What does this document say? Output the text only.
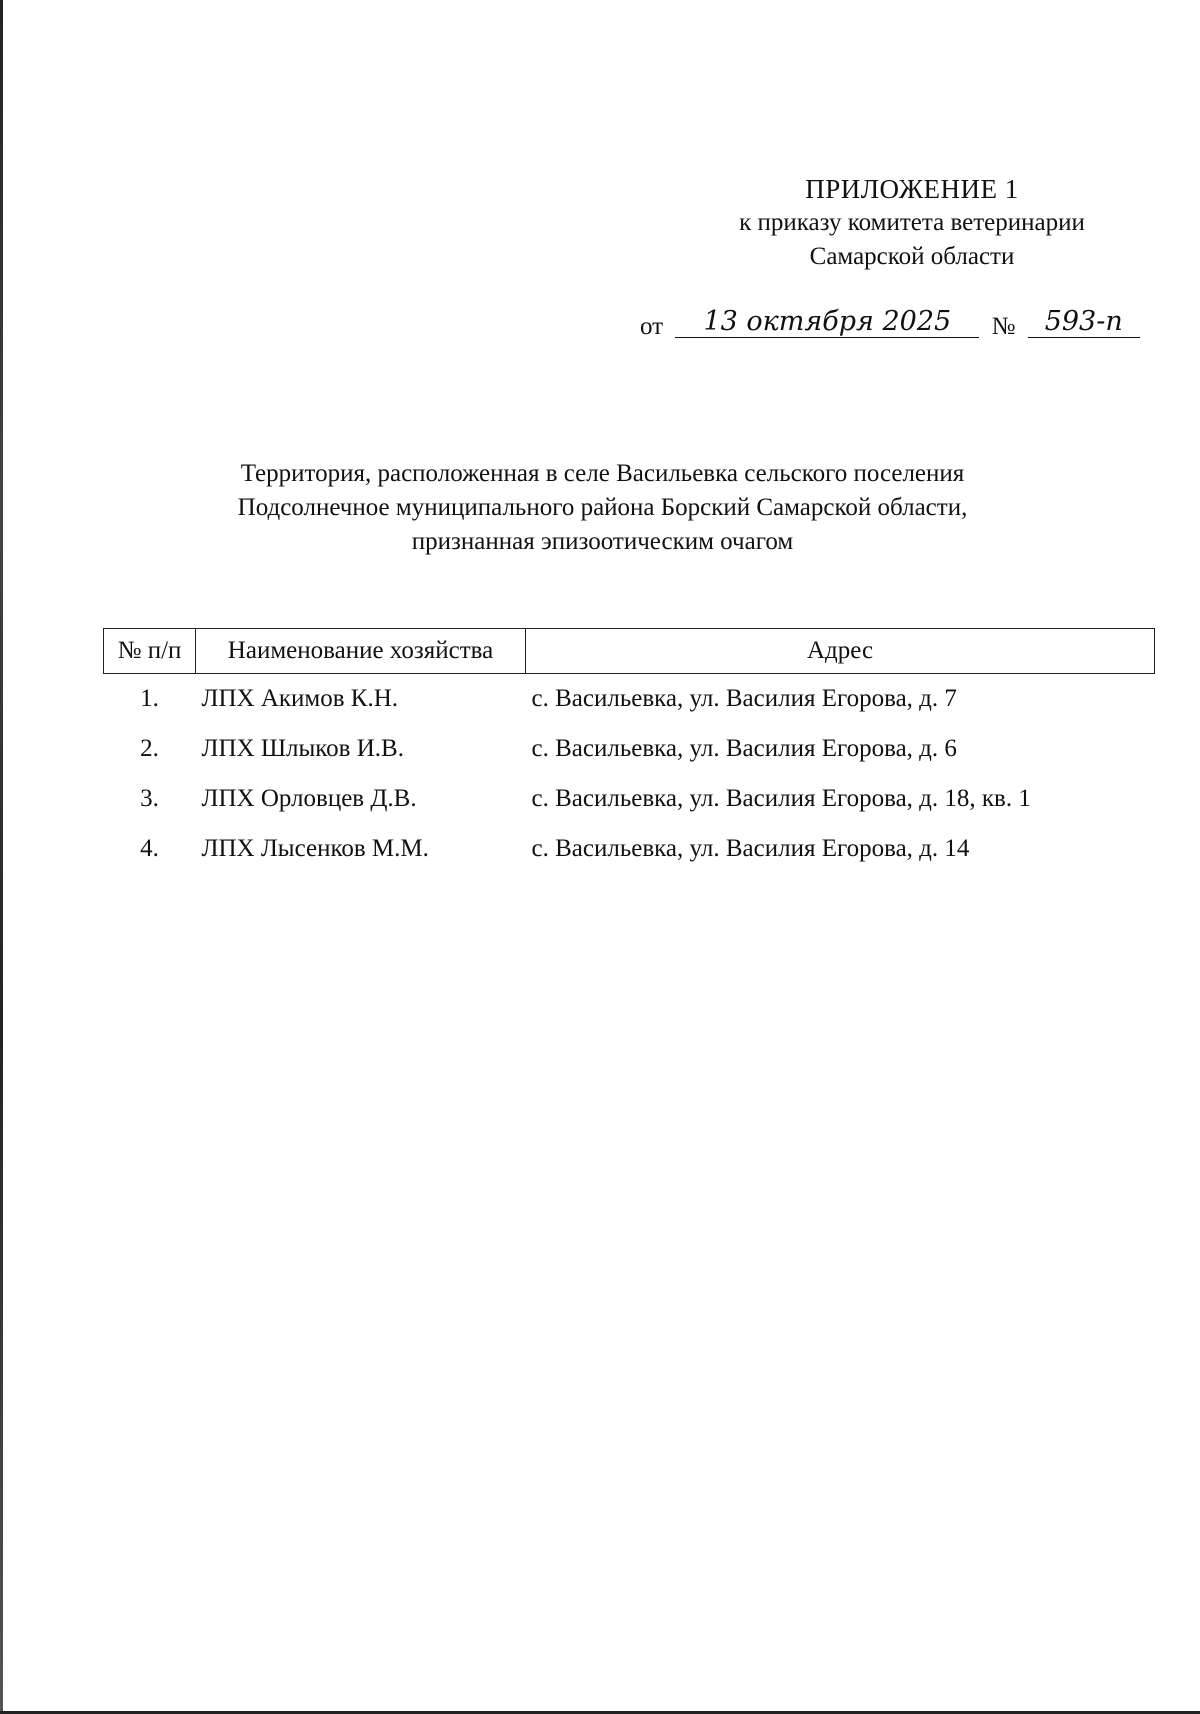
ПРИЛОЖЕНИЕ 1
к приказу комитета ветеринарии
Самарской области
от 13 октября 2025 № 593-п
Территория, расположенная в селе Васильевка сельского поселения
Подсолнечное муниципального района Борский Самарской области,
признанная эпизоотическим очагом
№ п/п	Наименование хозяйства	Адрес
1.	ЛПХ Акимов К.Н.	с. Васильевка, ул. Василия Егорова, д. 7
2.	ЛПХ Шлыков И.В.	с. Васильевка, ул. Василия Егорова, д. 6
3.	ЛПХ Орловцев Д.В.	с. Васильевка, ул. Василия Егорова, д. 18, кв. 1
4.	ЛПХ Лысенков М.М.	с. Васильевка, ул. Василия Егорова, д. 14
